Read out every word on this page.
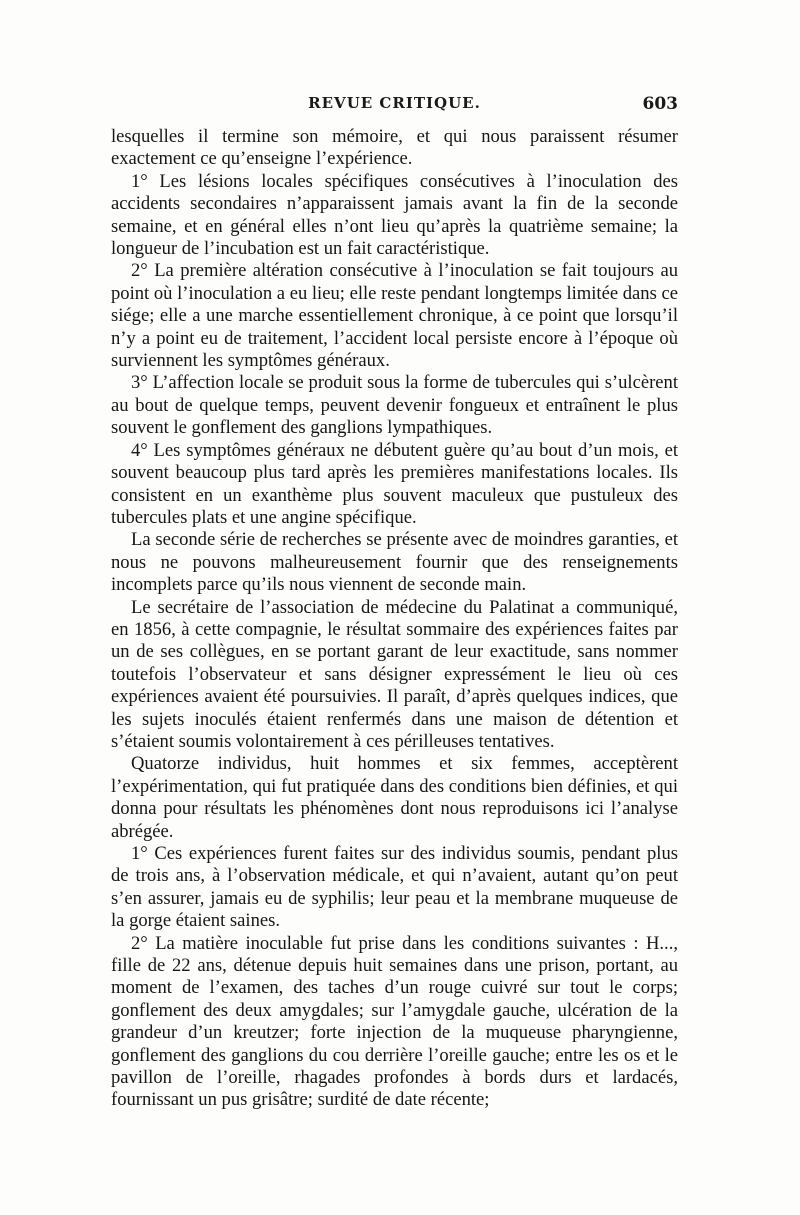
REVUE CRITIQUE.	603

lesquelles il termine son mémoire, et qui nous paraissent résumer exactement ce qu’enseigne l’expérience.

1° Les lésions locales spécifiques consécutives à l’inoculation des accidents secondaires n’apparaissent jamais avant la fin de la seconde semaine, et en général elles n’ont lieu qu’après la quatrième semaine; la longueur de l’incubation est un fait caractéristique.

2° La première altération consécutive à l’inoculation se fait toujours au point où l’inoculation a eu lieu; elle reste pendant longtemps limitée dans ce siége; elle a une marche essentiellement chronique, à ce point que lorsqu’il n’y a point eu de traitement, l’accident local persiste encore à l’époque où surviennent les symptômes généraux.

3° L’affection locale se produit sous la forme de tubercules qui s’ulcèrent au bout de quelque temps, peuvent devenir fongueux et entraînent le plus souvent le gonflement des ganglions lympathiques.

4° Les symptômes généraux ne débutent guère qu’au bout d’un mois, et souvent beaucoup plus tard après les premières manifestations locales. Ils consistent en un exanthème plus souvent maculeux que pustuleux des tubercules plats et une angine spécifique.

La seconde série de recherches se présente avec de moindres garanties, et nous ne pouvons malheureusement fournir que des renseignements incomplets parce qu’ils nous viennent de seconde main.

Le secrétaire de l’association de médecine du Palatinat a communiqué, en 1856, à cette compagnie, le résultat sommaire des expériences faites par un de ses collègues, en se portant garant de leur exactitude, sans nommer toutefois l’observateur et sans désigner expressément le lieu où ces expériences avaient été poursuivies. Il paraît, d’après quelques indices, que les sujets inoculés étaient renfermés dans une maison de détention et s’étaient soumis volontairement à ces périlleuses tentatives.

Quatorze individus, huit hommes et six femmes, acceptèrent l’expérimentation, qui fut pratiquée dans des conditions bien définies, et qui donna pour résultats les phénomènes dont nous reproduisons ici l’analyse abrégée.

1° Ces expériences furent faites sur des individus soumis, pendant plus de trois ans, à l’observation médicale, et qui n’avaient, autant qu’on peut s’en assurer, jamais eu de syphilis; leur peau et la membrane muqueuse de la gorge étaient saines.

2° La matière inoculable fut prise dans les conditions suivantes : H..., fille de 22 ans, détenue depuis huit semaines dans une prison, portant, au moment de l’examen, des taches d’un rouge cuivré sur tout le corps; gonflement des deux amygdales; sur l’amygdale gauche, ulcération de la grandeur d’un kreutzer; forte injection de la muqueuse pharyngienne, gonflement des ganglions du cou derrière l’oreille gauche; entre les os et le pavillon de l’oreille, rhagades profondes à bords durs et lardacés, fournissant un pus grisâtre; surdité de date récente;
